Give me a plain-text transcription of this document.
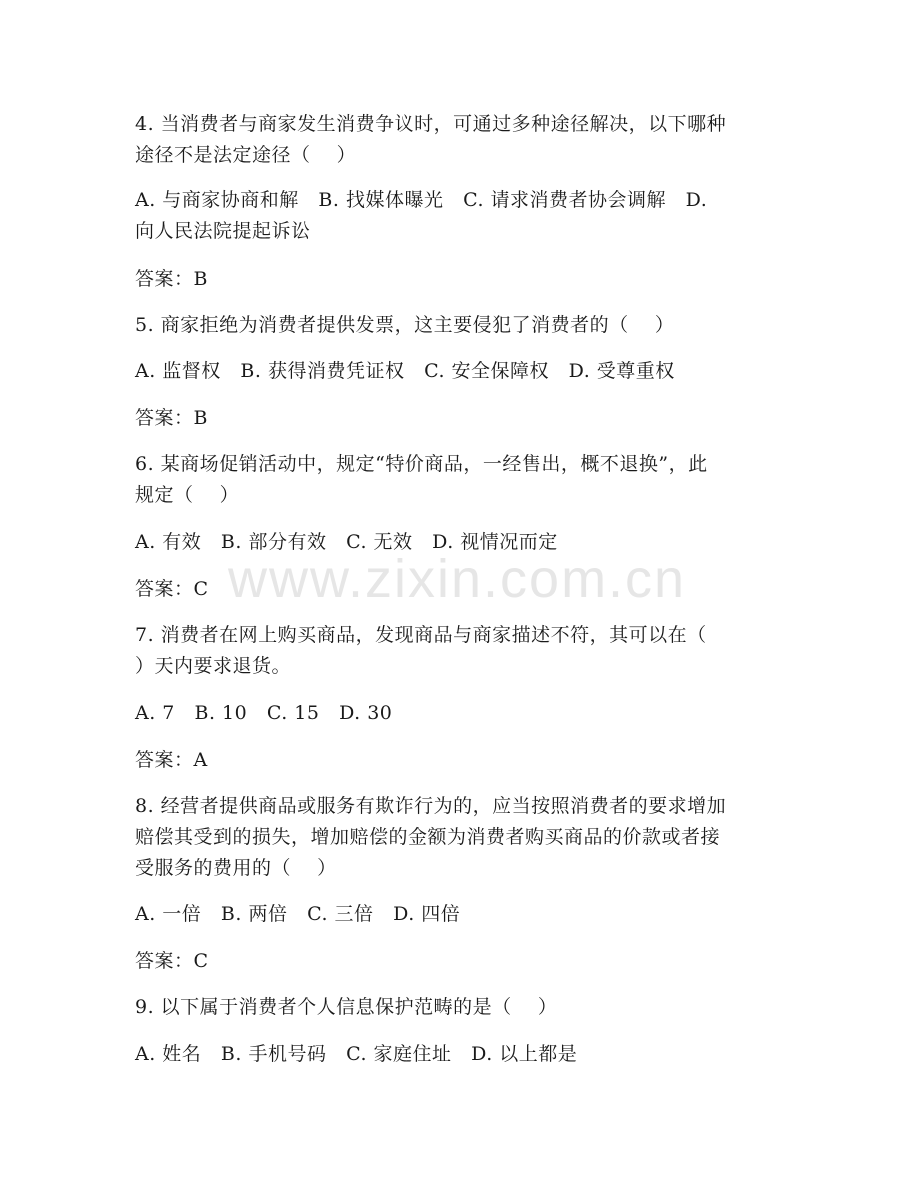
www.zixin.com.cn
4. 当消费者与商家发生消费争议时，可通过多种途径解决，以下哪种
途径不是法定途径（    ）
A. 与商家协商和解   B. 找媒体曝光   C. 请求消费者协会调解   D.
向人民法院提起诉讼
答案：B
5. 商家拒绝为消费者提供发票，这主要侵犯了消费者的（    ）
A. 监督权   B. 获得消费凭证权   C. 安全保障权   D. 受尊重权
答案：B
6. 某商场促销活动中，规定“特价商品，一经售出，概不退换”，此
规定（    ）
A. 有效   B. 部分有效   C. 无效   D. 视情况而定
答案：C
7. 消费者在网上购买商品，发现商品与商家描述不符，其可以在（
）天内要求退货。
A. 7   B. 10   C. 15   D. 30
答案：A
8. 经营者提供商品或服务有欺诈行为的，应当按照消费者的要求增加
赔偿其受到的损失，增加赔偿的金额为消费者购买商品的价款或者接
受服务的费用的（    ）
A. 一倍   B. 两倍   C. 三倍   D. 四倍
答案：C
9. 以下属于消费者个人信息保护范畴的是（    ）
A. 姓名   B. 手机号码   C. 家庭住址   D. 以上都是
